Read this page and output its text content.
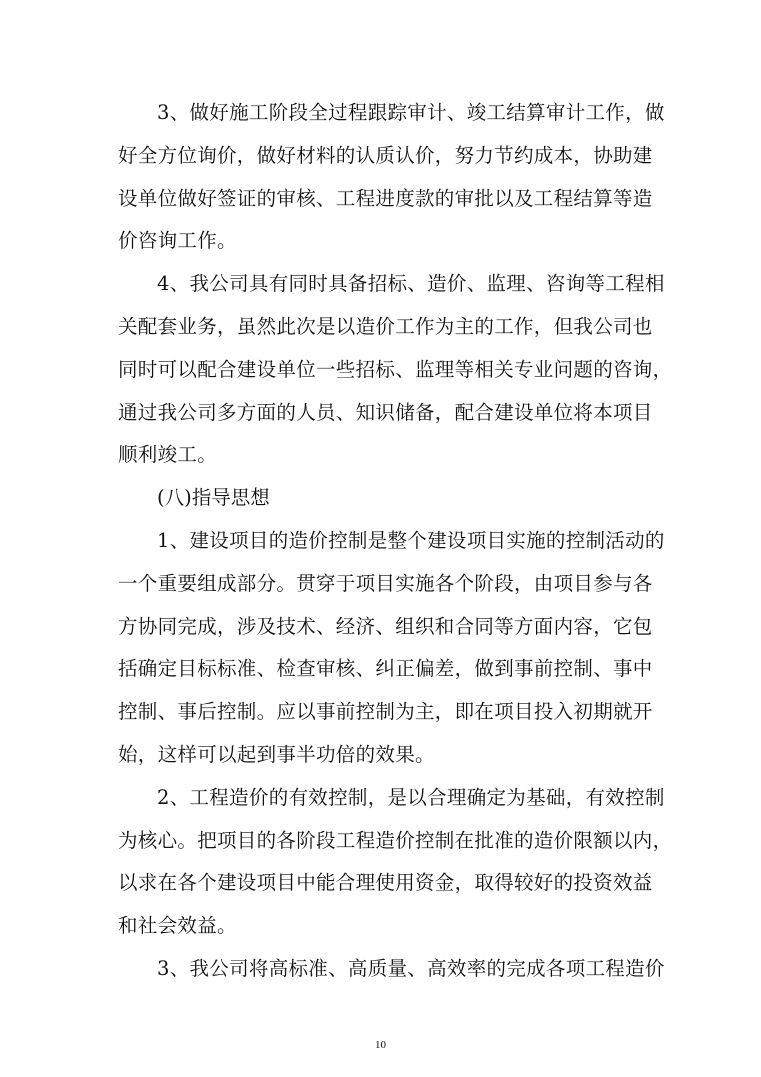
3、做好施工阶段全过程跟踪审计、竣工结算审计工作，做
好全方位询价，做好材料的认质认价，努力节约成本，协助建
设单位做好签证的审核、工程进度款的审批以及工程结算等造
价咨询工作。

4、我公司具有同时具备招标、造价、监理、咨询等工程相
关配套业务，虽然此次是以造价工作为主的工作，但我公司也
同时可以配合建设单位一些招标、监理等相关专业问题的咨询，
通过我公司多方面的人员、知识储备，配合建设单位将本项目
顺利竣工。

(八)指导思想

1、建设项目的造价控制是整个建设项目实施的控制活动的
一个重要组成部分。贯穿于项目实施各个阶段，由项目参与各
方协同完成，涉及技术、经济、组织和合同等方面内容，它包
括确定目标标准、检查审核、纠正偏差，做到事前控制、事中
控制、事后控制。应以事前控制为主，即在项目投入初期就开
始，这样可以起到事半功倍的效果。

2、工程造价的有效控制，是以合理确定为基础，有效控制
为核心。把项目的各阶段工程造价控制在批准的造价限额以内，
以求在各个建设项目中能合理使用资金，取得较好的投资效益
和社会效益。

3、我公司将高标准、高质量、高效率的完成各项工程造价

10
